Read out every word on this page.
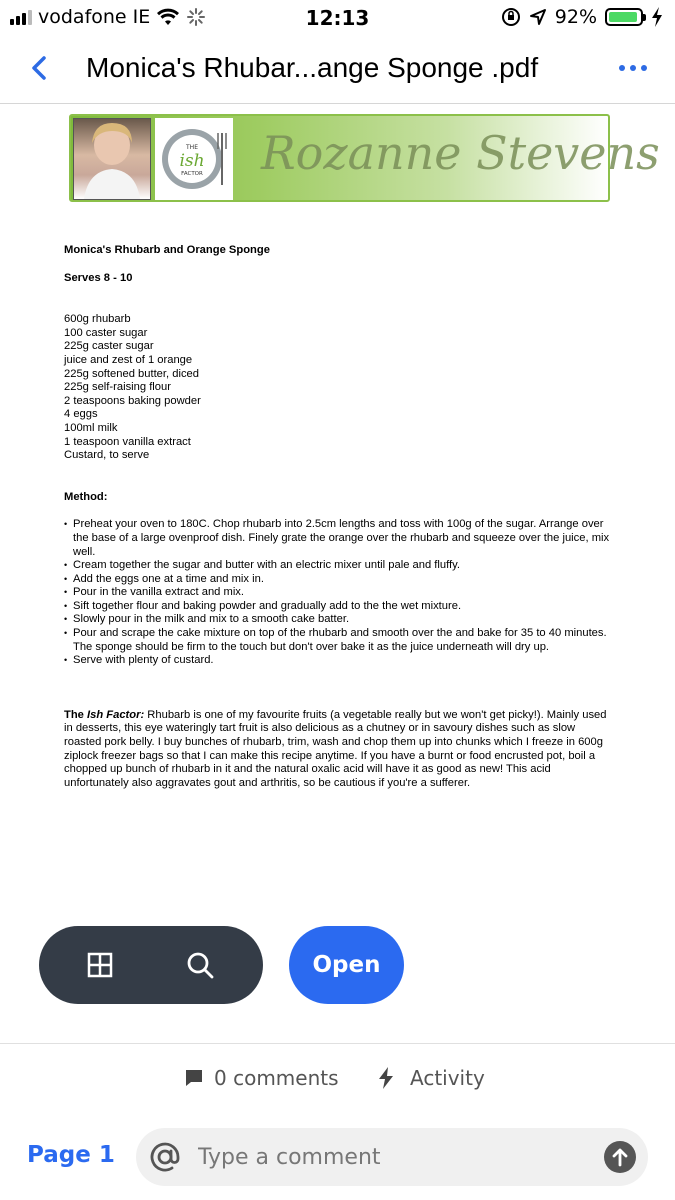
vodafone IE	12:13	92%
Monica's Rhubar...ange Sponge .pdf
THE
ish
FACTOR Rozanne Stevens
Monica's Rhubarb and Orange Sponge
Serves 8 - 10
600g rhubarb
100 caster sugar
225g caster sugar
juice and zest of 1 orange
225g softened butter, diced
225g self-raising flour
2 teaspoons baking powder
4 eggs
100ml milk
1 teaspoon vanilla extract
Custard, to serve
Method:
• Preheat your oven to 180C. Chop rhubarb into 2.5cm lengths and toss with 100g of the sugar. Arrange over the base of a large ovenproof dish. Finely grate the orange over the rhubarb and squeeze over the juice, mix well.
• Cream together the sugar and butter with an electric mixer until pale and fluffy.
• Add the eggs one at a time and mix in.
• Pour in the vanilla extract and mix.
• Sift together flour and baking powder and gradually add to the the wet mixture.
• Slowly pour in the milk and mix to a smooth cake batter.
• Pour and scrape the cake mixture on top of the rhubarb and smooth over the and bake for 35 to 40 minutes. The sponge should be firm to the touch but don't over bake it as the juice underneath will dry up.
• Serve with plenty of custard.

The Ish Factor: Rhubarb is one of my favourite fruits (a vegetable really but we won't get picky!). Mainly used in desserts, this eye wateringly tart fruit is also delicious as a chutney or in savoury dishes such as slow roasted pork belly. I buy bunches of rhubarb, trim, wash and chop them up into chunks which I freeze in 600g ziplock freezer bags so that I can make this recipe anytime. If you have a burnt or food encrusted pot, boil a chopped up bunch of rhubarb in it and the natural oxalic acid will have it as good as new! This acid unfortunately also aggravates gout and arthritis, so be cautious if you're a sufferer.

Open
0 comments	Activity
Page 1
Type a comment
